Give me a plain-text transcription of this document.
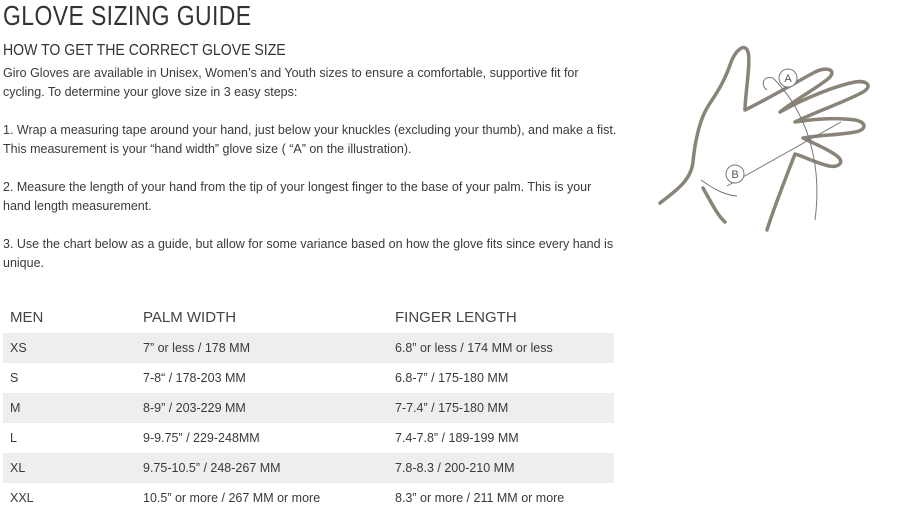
GLOVE SIZING GUIDE
HOW TO GET THE CORRECT GLOVE SIZE

Giro Gloves are available in Unisex, Women’s and Youth sizes to ensure a comfortable, supportive fit for cycling. To determine your glove size in 3 easy steps:

1. Wrap a measuring tape around your hand, just below your knuckles (excluding your thumb), and make a fist. This measurement is your “hand width” glove size ( “A” on the illustration).

2. Measure the length of your hand from the tip of your longest finger to the base of your palm. This is your hand length measurement.

3. Use the chart below as a guide, but allow for some variance based on how the glove fits since every hand is unique.

MEN	PALM WIDTH	FINGER LENGTH
XS	7” or less / 178 MM	6.8” or less / 174 MM or less
S	7-8“ / 178-203 MM	6.8-7” / 175-180 MM
M	8-9” / 203-229 MM	7-7.4” / 175-180 MM
L	9-9.75” / 229-248MM	7.4-7.8” / 189-199 MM
XL	9.75-10.5” / 248-267 MM	7.8-8.3 / 200-210 MM
XXL	10.5” or more / 267 MM or more	8.3” or more / 211 MM or more
A
B
